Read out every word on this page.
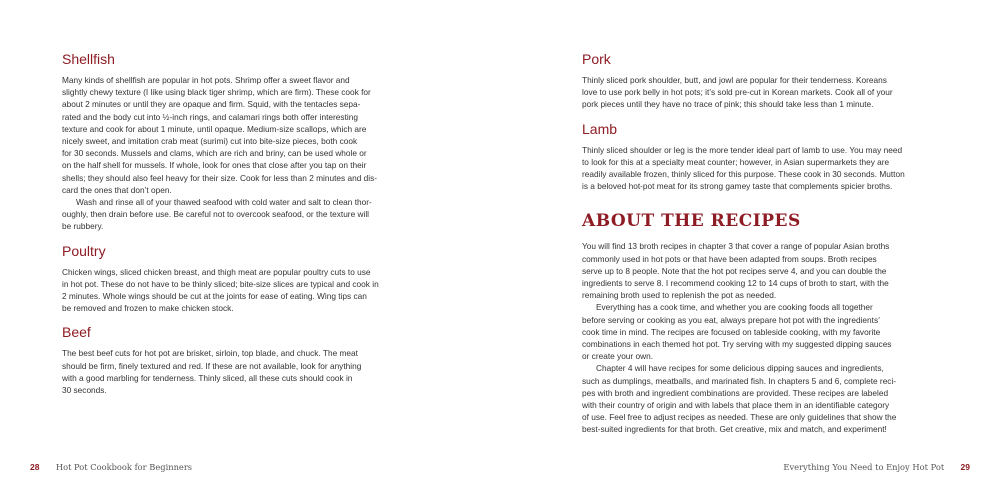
Shellfish

Many kinds of shellfish are popular in hot pots. Shrimp offer a sweet flavor and
slightly chewy texture (I like using black tiger shrimp, which are firm). These cook for
about 2 minutes or until they are opaque and firm. Squid, with the tentacles sepa-
rated and the body cut into ½-inch rings, and calamari rings both offer interesting
texture and cook for about 1 minute, until opaque. Medium-size scallops, which are
nicely sweet, and imitation crab meat (surimi) cut into bite-size pieces, both cook
for 30 seconds. Mussels and clams, which are rich and briny, can be used whole or
on the half shell for mussels. If whole, look for ones that close after you tap on their
shells; they should also feel heavy for their size. Cook for less than 2 minutes and dis-
card the ones that don’t open.
Wash and rinse all of your thawed seafood with cold water and salt to clean thor-
oughly, then drain before use. Be careful not to overcook seafood, or the texture will
be rubbery.

Poultry

Chicken wings, sliced chicken breast, and thigh meat are popular poultry cuts to use
in hot pot. These do not have to be thinly sliced; bite-size slices are typical and cook in
2 minutes. Whole wings should be cut at the joints for ease of eating. Wing tips can
be removed and frozen to make chicken stock.

Beef

The best beef cuts for hot pot are brisket, sirloin, top blade, and chuck. The meat
should be firm, finely textured and red. If these are not available, look for anything
with a good marbling for tenderness. Thinly sliced, all these cuts should cook in
30 seconds.

28 Hot Pot Cookbook for Beginners
Pork

Thinly sliced pork shoulder, butt, and jowl are popular for their tenderness. Koreans
love to use pork belly in hot pots; it’s sold pre-cut in Korean markets. Cook all of your
pork pieces until they have no trace of pink; this should take less than 1 minute.

Lamb

Thinly sliced shoulder or leg is the more tender ideal part of lamb to use. You may need
to look for this at a specialty meat counter; however, in Asian supermarkets they are
readily available frozen, thinly sliced for this purpose. These cook in 30 seconds. Mutton
is a beloved hot-pot meat for its strong gamey taste that complements spicier broths.

ABOUT THE RECIPES

You will find 13 broth recipes in chapter 3 that cover a range of popular Asian broths
commonly used in hot pots or that have been adapted from soups. Broth recipes
serve up to 8 people. Note that the hot pot recipes serve 4, and you can double the
ingredients to serve 8. I recommend cooking 12 to 14 cups of broth to start, with the
remaining broth used to replenish the pot as needed.

Everything has a cook time, and whether you are cooking foods all together
before serving or cooking as you eat, always prepare hot pot with the ingredients’
cook time in mind. The recipes are focused on tableside cooking, with my favorite
combinations in each themed hot pot. Try serving with my suggested dipping sauces
or create your own.

Chapter 4 will have recipes for some delicious dipping sauces and ingredients,
such as dumplings, meatballs, and marinated fish. In chapters 5 and 6, complete reci-
pes with broth and ingredient combinations are provided. These recipes are labeled
with their country of origin and with labels that place them in an identifiable category
of use. Feel free to adjust recipes as needed. These are only guidelines that show the
best-suited ingredients for that broth. Get creative, mix and match, and experiment!

Everything You Need to Enjoy Hot Pot 29
